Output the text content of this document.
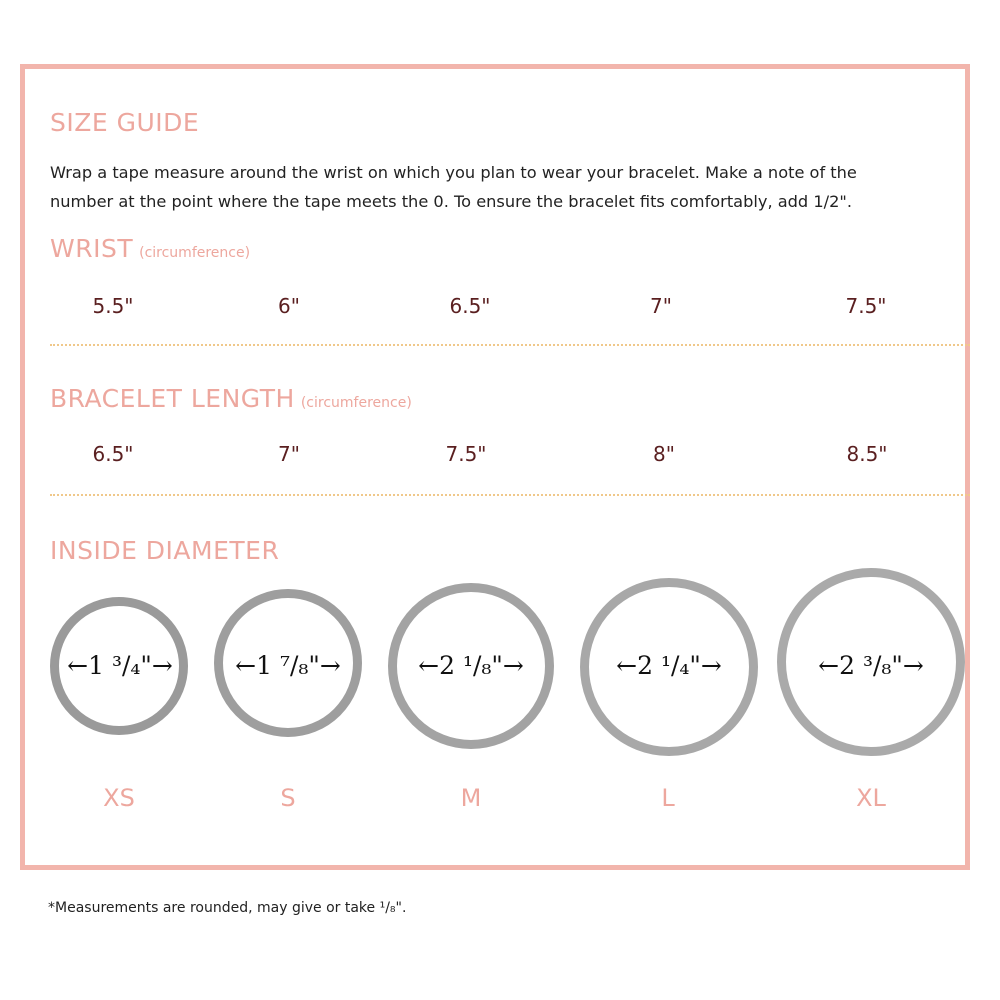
SIZE GUIDE
Wrap a tape measure around the wrist on which you plan to wear your bracelet. Make a note of the
number at the point where the tape meets the 0. To ensure the bracelet fits comfortably, add 1/2".
WRIST (circumference)
5.5"	6"	6.5"	7"	7.5"
BRACELET LENGTH (circumference)
6.5"	7"	7.5"	8"	8.5"
INSIDE DIAMETER
←1 ³/₄"→ ←1 ⁷/₈"→	←2 ¹/₈"→	←2 ¹/₄"→	←2 ³/₈"→
XS	S	M	L	XL
*Measurements are rounded, may give or take ¹/₈".
